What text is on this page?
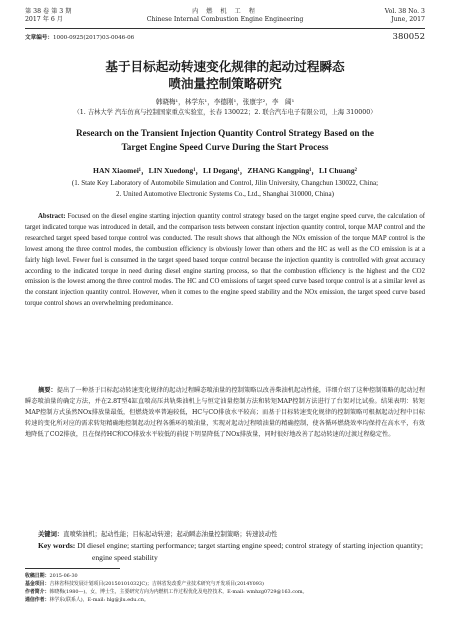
第 38 卷 第 3 期
2017 年 6 月
内 燃 机 工 程
Chinese Internal Combustion Engine Engineering
Vol. 38 No. 3
June, 2017
文章编号：1000-0925(2017)03-0046-06	380052
基于目标起动转速变化规律的起动过程瞬态
喷油量控制策略研究
韩晓梅¹，林学东¹，李德刚¹，张康宇²，李　阔¹
（1. 吉林大学 汽车仿真与控制国家重点实验室，长春 130022；2. 联合汽车电子有限公司，上海 310000）
Research on the Transient Injection Quantity Control Strategy Based on the
Target Engine Speed Curve During the Start Process
HAN Xiaomei¹，LIN Xuedong¹，LI Degang¹，ZHANG Kangping¹，LI Chuang²
(1. State Key Laboratory of Automobile Simulation and Control, Jilin University, Changchun 130022, China;
2. United Automotive Electronic Systems Co., Ltd., Shanghai 310000, China)
Abstract: Focused on the diesel engine starting injection quantity control strategy based on the target engine speed curve, the calculation of target indicated torque was introduced in detail, and the comparison tests between constant injection quantity control, torque MAP control and the researched target speed based torque control was conducted. The result shows that although the NOx emission of the torque MAP control is the lowest among the three control modes, the combustion efficiency is obviously lower than others and the HC as well as the CO emission is at a fairly high level. Fewer fuel is consumed in the target speed based torque control because the injection quantity is controlled with great accuracy according to the indicated torque in need during diesel engine starting process, so that the combustion efficiency is the highest and the CO2 emission is the lowest among the three control modes. The HC and CO emissions of target speed curve based torque control is at a similar level as the constant injection quantity control. However, when it comes to the engine speed stability and the NOx emission, the target speed curve based torque control shows an overwhelming predominance.
摘要：提出了一种基于目标起动转速变化规律的起动过程瞬态喷油量的控制策略以改善柴油机起动性能，详细介绍了这种控制策略的起动过程瞬态喷油量的确定方法，并在2.8T型4缸直喷高压共轨柴油机上与恒定油量控制方法和转矩MAP控制方法进行了台架对比试验。结果表明：转矩MAP控制方式虽然NOx排放量最低，但燃烧效率普遍较低，HC与CO排放水平较高；而基于目标转速变化规律的控制策略可根据起动过程中目标转速的变化所对应的需求转矩精确地控制起动过程各循环的喷油量，实现对起动过程喷油量的精确控制，使各循环燃烧效率均保持在高水平，有效地降低了CO2排放，且在保持HC和CO排放水平较低的前提下明显降低了NOx排放量，同时很好地改善了起动转速的过渡过程稳定性。
关键词：直喷柴油机；起动性能；目标起动转速；起动瞬态油量控制策略；转速波动性
Key words: DI diesel engine; starting performance; target starting engine speed; control strategy of starting injection quantity; engine speed stability
收稿日期：2015-06-30
基金项目：吉林省科技发展计划项目(20150101032JC)；吉林省发改委产业技术研究与开发项目(2014Y093)
作者简介：韩晓梅(1980—)，女，博士生，主要研究方向为内燃机工作过程优化及电控技术，E-mail: wmhzg0729@163.com。
通信作者：林学东(联系人)，E-mail: hlg@jlu.edu.cn。
